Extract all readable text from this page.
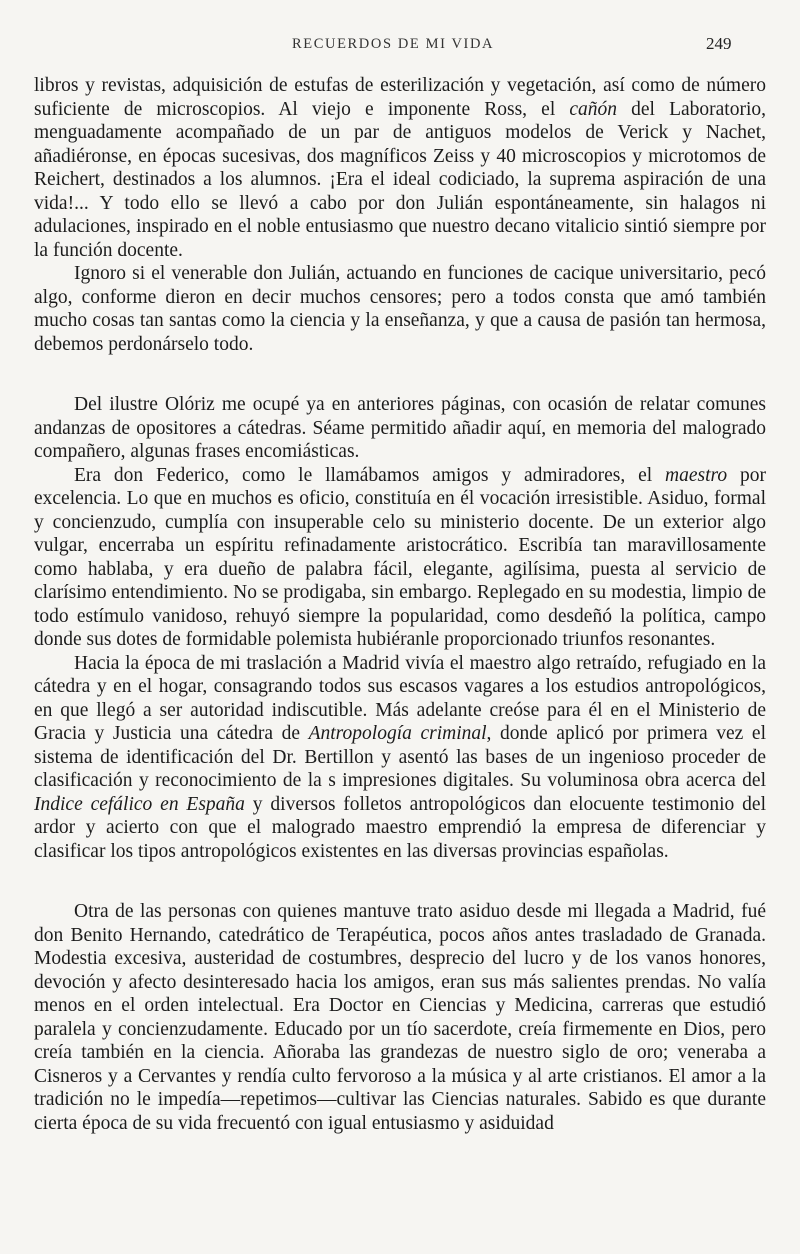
RECUERDOS DE MI VIDA	249

libros y revistas, adquisición de estufas de esterilización y vegetación, así como de número suficiente de microscopios. Al viejo e imponente Ross, el cañón del Laboratorio, menguadamente acompañado de un par de antiguos modelos de Verick y Nachet, añadiéronse, en épocas sucesivas, dos magníficos Zeiss y 40 microscopios y microtomos de Reichert, destinados a los alumnos. ¡Era el ideal codiciado, la suprema aspiración de una vida!... Y todo ello se llevó a cabo por don Julián espontáneamente, sin halagos ni adulaciones, inspirado en el noble entusiasmo que nuestro decano vitalicio sintió siempre por la función docente.

Ignoro si el venerable don Julián, actuando en funciones de cacique universitario, pecó algo, conforme dieron en decir muchos censores; pero a todos consta que amó también mucho cosas tan santas como la ciencia y la enseñanza, y que a causa de pasión tan hermosa, debemos perdonárselo todo.

Del ilustre Olóriz me ocupé ya en anteriores páginas, con ocasión de relatar comunes andanzas de opositores a cátedras. Séame permitido añadir aquí, en memoria del malogrado compañero, algunas frases encomiásticas.

Era don Federico, como le llamábamos amigos y admiradores, el maestro por excelencia. Lo que en muchos es oficio, constituía en él vocación irresistible. Asiduo, formal y concienzudo, cumplía con insuperable celo su ministerio docente. De un exterior algo vulgar, encerraba un espíritu refinadamente aristocrático. Escribía tan maravillosamente como hablaba, y era dueño de palabra fácil, elegante, agilísima, puesta al servicio de clarísimo entendimiento. No se prodigaba, sin embargo. Replegado en su modestia, limpio de todo estímulo vanidoso, rehuyó siempre la popularidad, como desdeñó la política, campo donde sus dotes de formidable polemista hubiéranle proporcionado triunfos resonantes.

Hacia la época de mi traslación a Madrid vivía el maestro algo retraído, refugiado en la cátedra y en el hogar, consagrando todos sus escasos vagares a los estudios antropológicos, en que llegó a ser autoridad indiscutible. Más adelante creóse para él en el Ministerio de Gracia y Justicia una cátedra de Antropología criminal, donde aplicó por primera vez el sistema de identificación del Dr. Bertillon y asentó las bases de un ingenioso proceder de clasificación y reconocimiento de la s impresiones digitales. Su voluminosa obra acerca del Indice cefálico en España y diversos folletos antropológicos dan elocuente testimonio del ardor y acierto con que el malogrado maestro emprendió la empresa de diferenciar y clasificar los tipos antropológicos existentes en las diversas provincias españolas.

Otra de las personas con quienes mantuve trato asiduo desde mi llegada a Madrid, fué don Benito Hernando, catedrático de Terapéutica, pocos años antes trasladado de Granada. Modestia excesiva, austeridad de costumbres, desprecio del lucro y de los vanos honores, devoción y afecto desinteresado hacia los amigos, eran sus más salientes prendas. No valía menos en el orden intelectual. Era Doctor en Ciencias y Medicina, carreras que estudió paralela y concienzudamente. Educado por un tío sacerdote, creía firmemente en Dios, pero creía también en la ciencia. Añoraba las grandezas de nuestro siglo de oro; veneraba a Cisneros y a Cervantes y rendía culto fervoroso a la música y al arte cristianos. El amor a la tradición no le impedía—repetimos—cultivar las Ciencias naturales. Sabido es que durante cierta época de su vida frecuentó con igual entusiasmo y asiduidad
